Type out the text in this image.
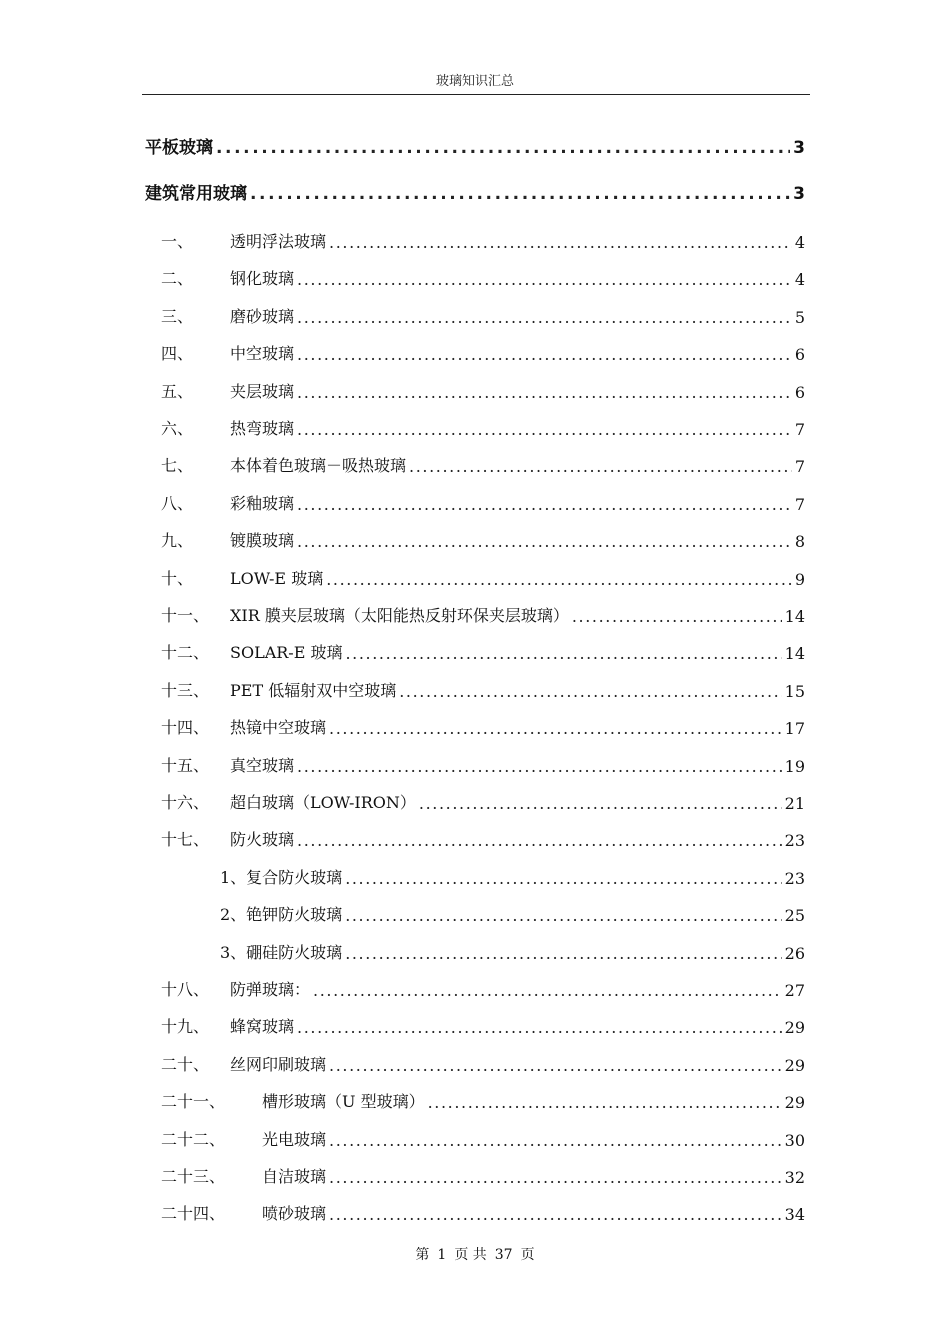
玻璃知识汇总
平板玻璃 .....	3
建筑常用玻璃 .....	3
一、	透明浮法玻璃 .....	4
二、	钢化玻璃 .....	4
三、	磨砂玻璃 .....	5
四、	中空玻璃 .....	6
五、	夹层玻璃 .....	6
六、	热弯玻璃 .....	7
七、	本体着色玻璃－吸热玻璃 .....	7
八、	彩釉玻璃 .....	7
九、	镀膜玻璃 .....	8
十、	LOW-E 玻璃 .....	9
十一、	XIR 膜夹层玻璃（太阳能热反射环保夹层玻璃） .....	14
十二、	SOLAR-E 玻璃 .....	14
十三、	PET 低辐射双中空玻璃 .....	15
十四、	热镜中空玻璃 .....	17
十五、	真空玻璃 .....	19
十六、	超白玻璃（LOW-IRON） .....	21
十七、	防火玻璃 .....	23
1、复合防火玻璃 .....	23
2、铯钾防火玻璃 .....	25
3、硼硅防火玻璃 .....	26
十八、	防弹玻璃： .....	27
十九、	蜂窝玻璃 .....	29
二十、	丝网印刷玻璃 .....	29
二十一、	槽形玻璃（U 型玻璃） .....	29
二十二、	光电玻璃 .....	30
二十三、	自洁玻璃 .....	32
二十四、	喷砂玻璃 .....	34
第 1 页 共 37 页
